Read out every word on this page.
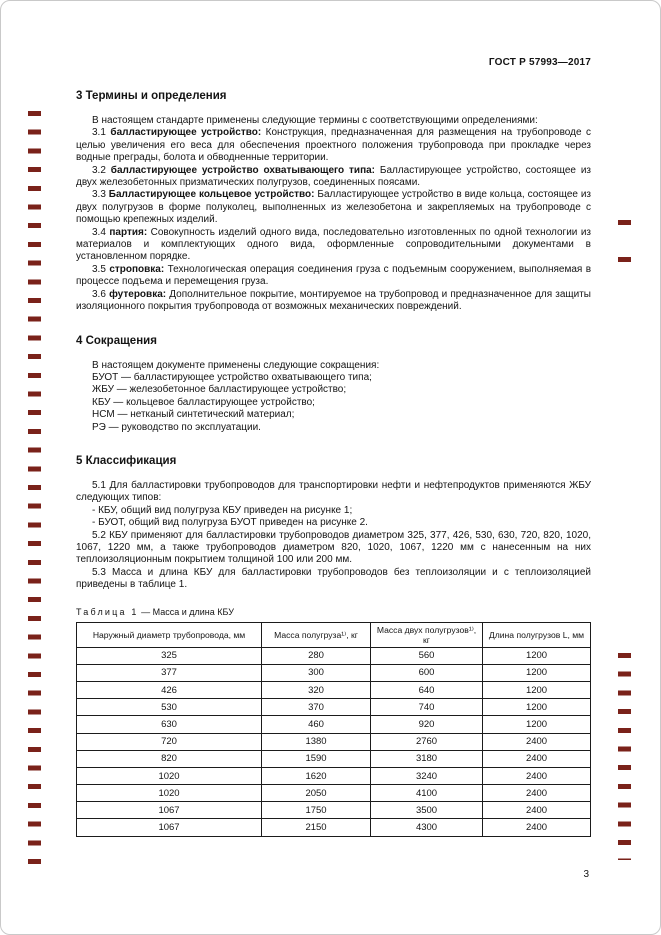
ГОСТ Р 57993—2017
3 Термины и определения

В настоящем стандарте применены следующие термины с соответствующими определениями:

3.1 балластирующее устройство: Конструкция, предназначенная для размещения на трубопроводе с целью увеличения его веса для обеспечения проектного положения трубопровода при прокладке через водные преграды, болота и обводненные территории.

3.2 балластирующее устройство охватывающего типа: Балластирующее устройство, состоящее из двух железобетонных призматических полугрузов, соединенных поясами.

3.3 Балластирующее кольцевое устройство: Балластирующее устройство в виде кольца, состоящее из двух полугрузов в форме полуколец, выполненных из железобетона и закрепляемых на трубопроводе с помощью крепежных изделий.

3.4 партия: Совокупность изделий одного вида, последовательно изготовленных по одной технологии из материалов и комплектующих одного вида, оформленные сопроводительными документами в установленном порядке.

3.5 строповка: Технологическая операция соединения груза с подъемным сооружением, выполняемая в процессе подъема и перемещения груза.

3.6 футеровка: Дополнительное покрытие, монтируемое на трубопровод и предназначенное для защиты изоляционного покрытия трубопровода от возможных механических повреждений.

4 Сокращения
В настоящем документе применены следующие сокращения:
БУОТ — балластирующее устройство охватывающего типа;
ЖБУ — железобетонное балластирующее устройство;
КБУ — кольцевое балластирующее устройство;
НСМ — нетканый синтетический материал;
РЭ — руководство по эксплуатации.
5 Классификация

5.1 Для балластировки трубопроводов для транспортировки нефти и нефтепродуктов применяются ЖБУ следующих типов:

- КБУ, общий вид полугруза КБУ приведен на рисунке 1;

- БУОТ, общий вид полугруза БУОТ приведен на рисунке 2.

5.2 КБУ применяют для балластировки трубопроводов диаметром 325, 377, 426, 530, 630, 720, 820, 1020, 1067, 1220 мм, а также трубопроводов диаметром 820, 1020, 1067, 1220 мм с нанесенным на них теплоизоляционным покрытием толщиной 100 или 200 мм.

5.3 Масса и длина КБУ для балластировки трубопроводов без теплоизоляции и с теплоизоляцией приведены в таблице 1.

Таблица 1 — Масса и длина КБУ
Наружный диаметр трубопровода, мм	Масса полугруза¹⁾, кг	Масса двух полугрузов¹⁾, кг	Длина полугрузов L, мм
325	280	560	1200
377	300	600	1200
426	320	640	1200
530	370	740	1200
630	460	920	1200
720	1380	2760	2400
820	1590	3180	2400
1020	1620	3240	2400
1020	2050	4100	2400
1067	1750	3500	2400
1067	2150	4300	2400
3
